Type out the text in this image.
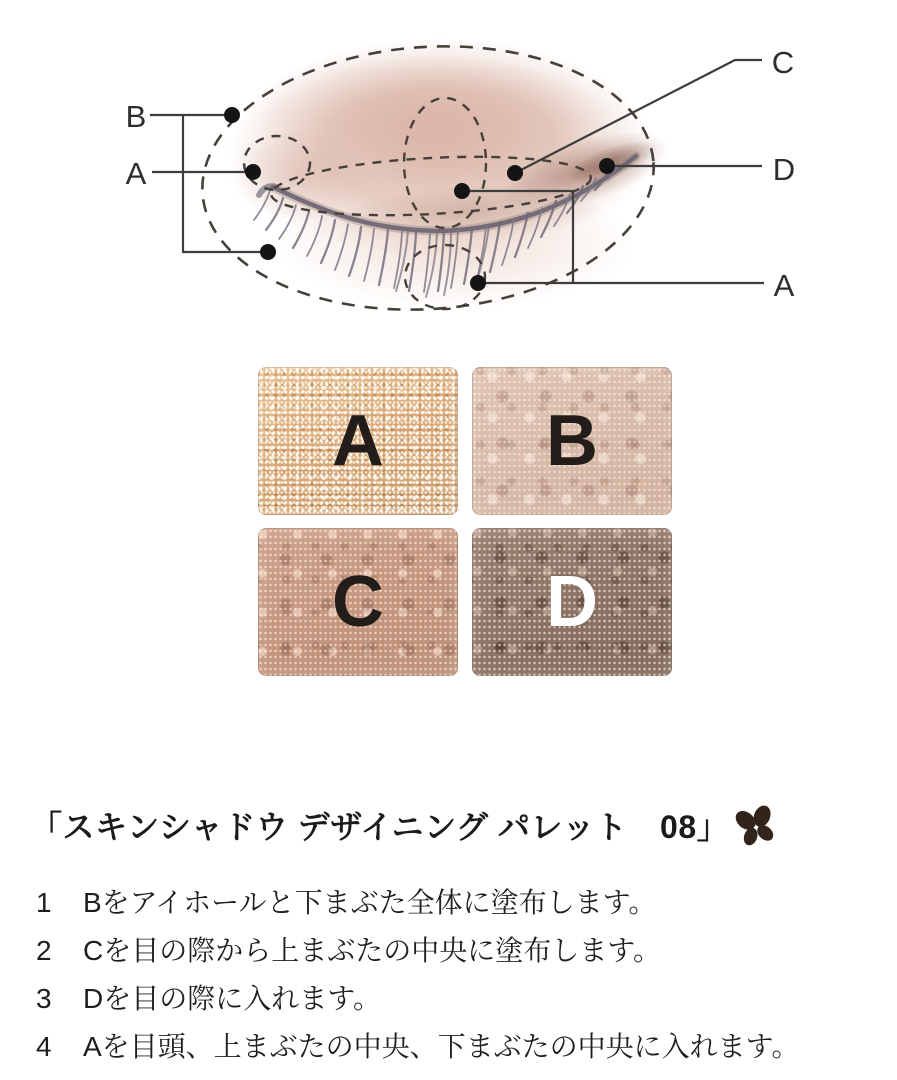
B
A
C
D
A
A	B
C	D
「スキンシャドウ デザイニング パレット　08」
1	Bをアイホールと下まぶた全体に塗布します。
2	Cを目の際から上まぶたの中央に塗布します。
3	Dを目の際に入れます。
4	Aを目頭、上まぶたの中央、下まぶたの中央に入れます。
